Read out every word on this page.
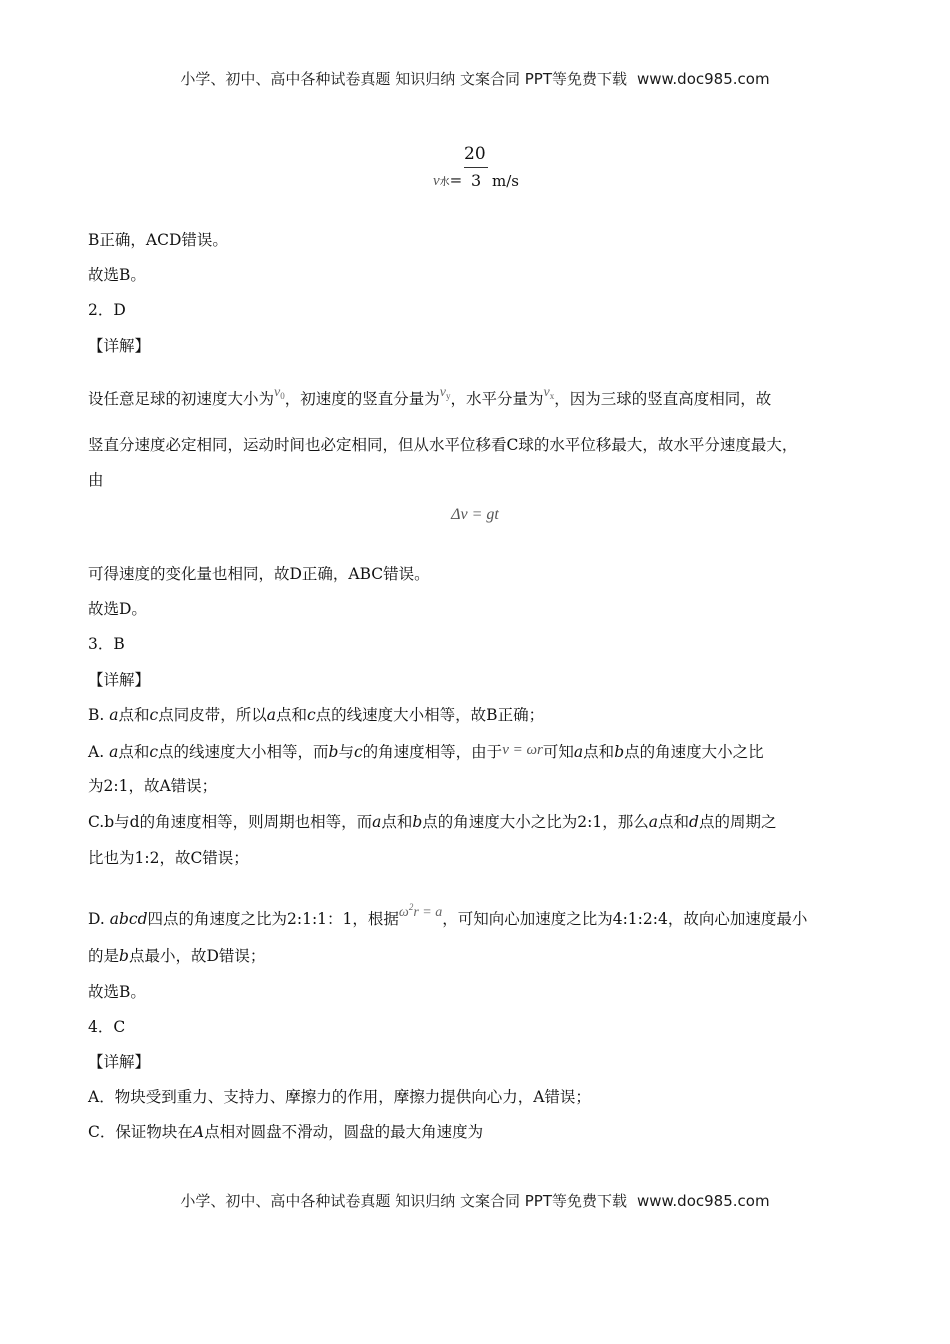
小学、初中、高中各种试卷真题 知识归纳 文案合同 PPT等免费下载 www.doc985.com
20
v水= 3 m/s
B正确，ACD错误。
故选B。
2．D
【详解】
设任意足球的初速度大小为$v_0$，初速度的竖直分量为$v_y$，水平分量为$v_x$，因为三球的竖直高度相同，故
竖直分速度必定相同，运动时间也必定相同，但从水平位移看C球的水平位移最大，故水平分速度最大，
由
Δv = gt
可得速度的变化量也相同，故D正确，ABC错误。
故选D。
3．B
【详解】
B. a点和c点同皮带，所以a点和c点的线速度大小相等，故B正确；
A. a点和c点的线速度大小相等，而b与c的角速度相等，由于v = ωr可知a点和b点的角速度大小之比
为2:1，故A错误；
C.b与d的角速度相等，则周期也相等，而a点和b点的角速度大小之比为2:1，那么a点和d点的周期之
比也为1:2，故C错误；
D. abcd四点的角速度之比为2:1:1：1，根据$\omega^2r = a$，可知向心加速度之比为4:1:2:4，故向心加速度最小
的是b点最小，故D错误；
故选B。
4．C
【详解】
A．物块受到重力、支持力、摩擦力的作用，摩擦力提供向心力，A错误；
C．保证物块在A点相对圆盘不滑动，圆盘的最大角速度为
小学、初中、高中各种试卷真题 知识归纳 文案合同 PPT等免费下载 www.doc985.com
